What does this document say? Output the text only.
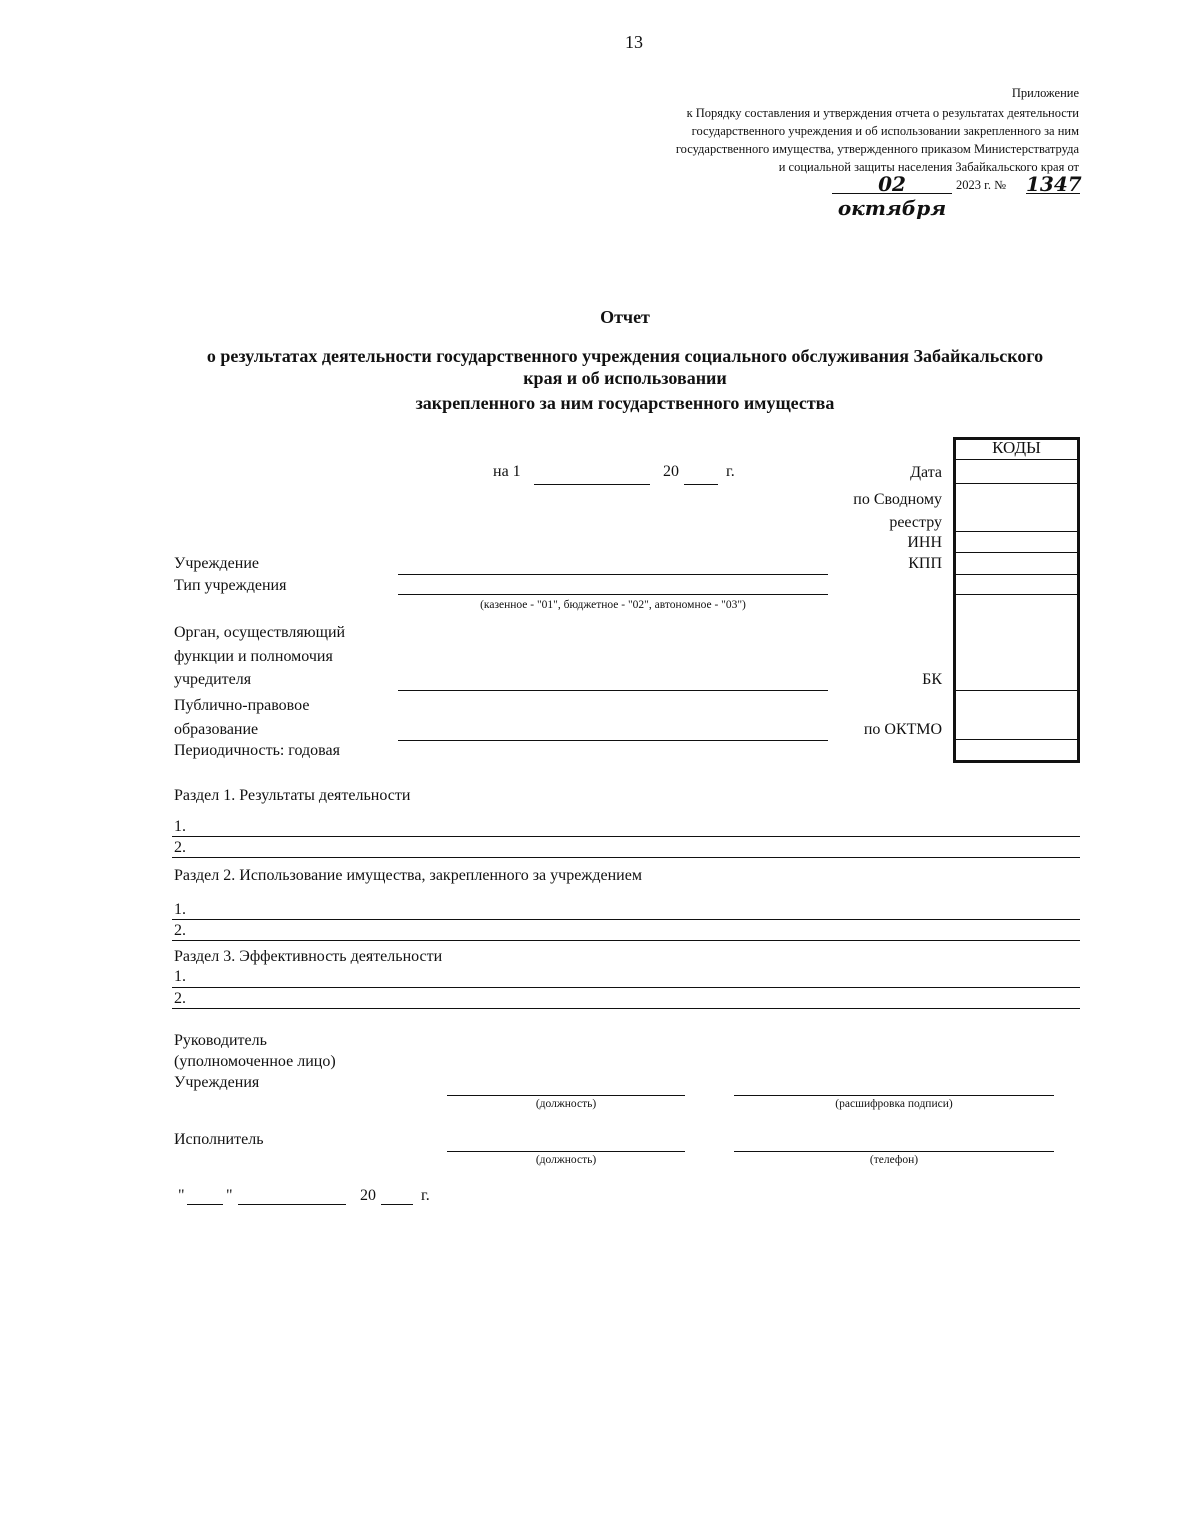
13
Приложение
к Порядку составления и утверждения отчета о результатах деятельности
государственного учреждения и об использовании закрепленного за ним
государственного имущества, утвержденного приказом Министерстватруда
и социальной защиты населения Забайкальского края от
02 октября
2023 г. № 1347
Отчет
о результатах деятельности государственного учреждения социального обслуживания Забайкальского
края и об использовании
закрепленного за ним государственного имущества
на 1	20	г.
КОДЫ
Дата
по Сводному
реестру
ИНН
КПП
БК
по ОКТМО
Учреждение
Тип учреждения
(казенное - "01", бюджетное - "02", автономное - "03")
Орган, осуществляющий
функции и полномочия
учредителя
Публично-правовое
образование
Периодичность: годовая
Раздел 1. Результаты деятельности
1.
2.
Раздел 2. Использование имущества, закрепленного за учреждением
1.
2.
Раздел 3. Эффективность деятельности
1.
2.
Руководитель
(уполномоченное лицо)
Учреждения
(должность)	(расшифровка подписи)
Исполнитель
(должность)	(телефон)
"	"	20	г.
